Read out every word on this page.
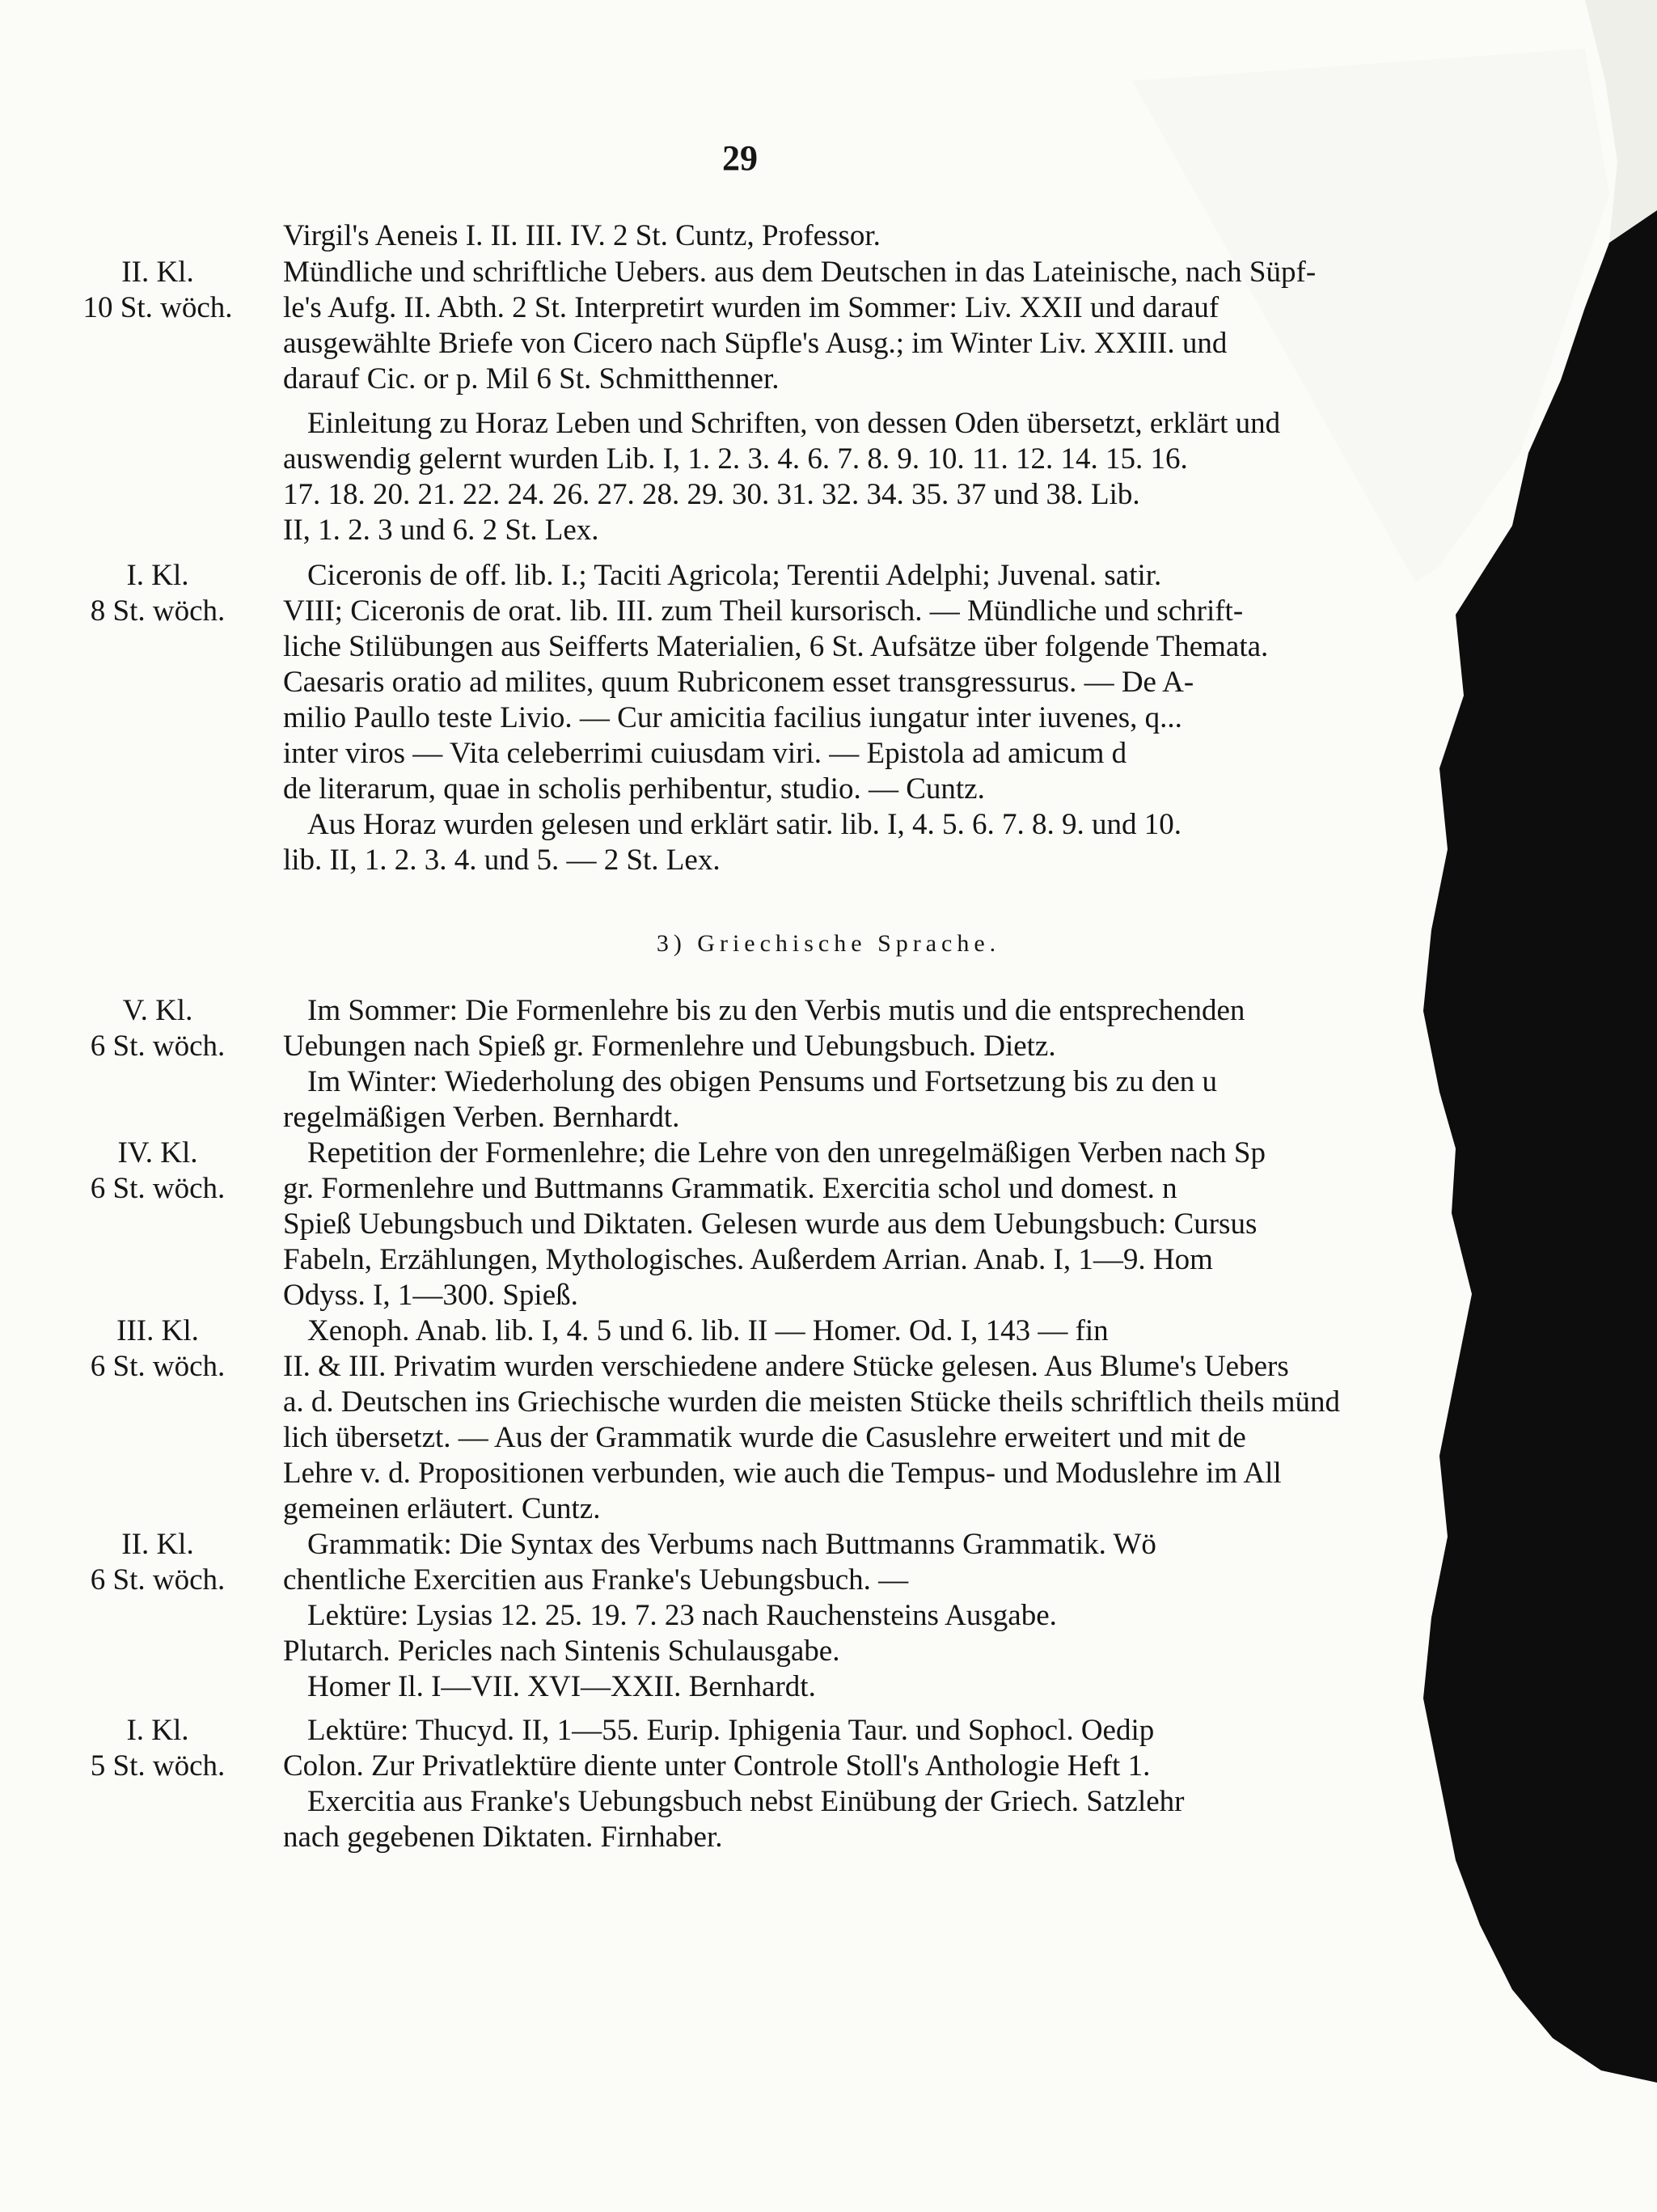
29
Virgil's Aeneis I. II. III. IV. 2 St. Cuntz, Professor.
II. Kl.	Mündliche und schriftliche Uebers. aus dem Deutschen in das Lateinische, nach Süpf-
10 St. wöch.	le's Aufg. II. Abth. 2 St. Interpretirt wurden im Sommer: Liv. XXII und darauf
ausgewählte Briefe von Cicero nach Süpfle's Ausg.; im Winter Liv. XXIII. und
darauf Cic. or p. Mil 6 St. Schmitthenner.
Einleitung zu Horaz Leben und Schriften, von dessen Oden übersetzt, erklärt und
auswendig gelernt wurden Lib. I, 1. 2. 3. 4. 6. 7. 8. 9. 10. 11. 12. 14. 15. 16.
17. 18. 20. 21. 22. 24. 26. 27. 28. 29. 30. 31. 32. 34. 35. 37 und 38. Lib.
II, 1. 2. 3 und 6. 2 St. Lex.
I. Kl.	Ciceronis de off. lib. I.; Taciti Agricola; Terentii Adelphi; Juvenal. satir.
8 St. wöch.	VIII; Ciceronis de orat. lib. III. zum Theil kursorisch. — Mündliche und schrift-
liche Stilübungen aus Seifferts Materialien, 6 St. Aufsätze über folgende Themata.
Caesaris oratio ad milites, quum Rubriconem esset transgressurus. — De A-
milio Paullo teste Livio. — Cur amicitia facilius iungatur inter iuvenes, q...
inter viros — Vita celeberrimi cuiusdam viri. — Epistola ad amicum d
de literarum, quae in scholis perhibentur, studio. — Cuntz.
Aus Horaz wurden gelesen und erklärt satir. lib. I, 4. 5. 6. 7. 8. 9. und 10.
lib. II, 1. 2. 3. 4. und 5. — 2 St. Lex.
3) Griechische Sprache.
V. Kl.	Im Sommer: Die Formenlehre bis zu den Verbis mutis und die entsprechenden
6 St. wöch.	Uebungen nach Spieß gr. Formenlehre und Uebungsbuch. Dietz.
Im Winter: Wiederholung des obigen Pensums und Fortsetzung bis zu den u
regelmäßigen Verben. Bernhardt.
IV. Kl.	Repetition der Formenlehre; die Lehre von den unregelmäßigen Verben nach Sp
6 St. wöch.	gr. Formenlehre und Buttmanns Grammatik. Exercitia schol und domest. n
Spieß Uebungsbuch und Diktaten. Gelesen wurde aus dem Uebungsbuch: Cursus
Fabeln, Erzählungen, Mythologisches. Außerdem Arrian. Anab. I, 1—9. Hom
Odyss. I, 1—300. Spieß.
III. Kl.	Xenoph. Anab. lib. I, 4. 5 und 6. lib. II — Homer. Od. I, 143 — fin
6 St. wöch.	II. & III. Privatim wurden verschiedene andere Stücke gelesen. Aus Blume's Uebers
a. d. Deutschen ins Griechische wurden die meisten Stücke theils schriftlich theils münd
lich übersetzt. — Aus der Grammatik wurde die Casuslehre erweitert und mit de
Lehre v. d. Propositionen verbunden, wie auch die Tempus- und Moduslehre im All
gemeinen erläutert. Cuntz.
II. Kl.	Grammatik: Die Syntax des Verbums nach Buttmanns Grammatik. Wö
6 St. wöch.	chentliche Exercitien aus Franke's Uebungsbuch. —
Lektüre: Lysias 12. 25. 19. 7. 23 nach Rauchensteins Ausgabe.
Plutarch. Pericles nach Sintenis Schulausgabe.
Homer Il. I—VII. XVI—XXII. Bernhardt.
I. Kl.	Lektüre: Thucyd. II, 1—55. Eurip. Iphigenia Taur. und Sophocl. Oedip
5 St. wöch.	Colon. Zur Privatlektüre diente unter Controle Stoll's Anthologie Heft 1.
Exercitia aus Franke's Uebungsbuch nebst Einübung der Griech. Satzlehr
nach gegebenen Diktaten. Firnhaber.
